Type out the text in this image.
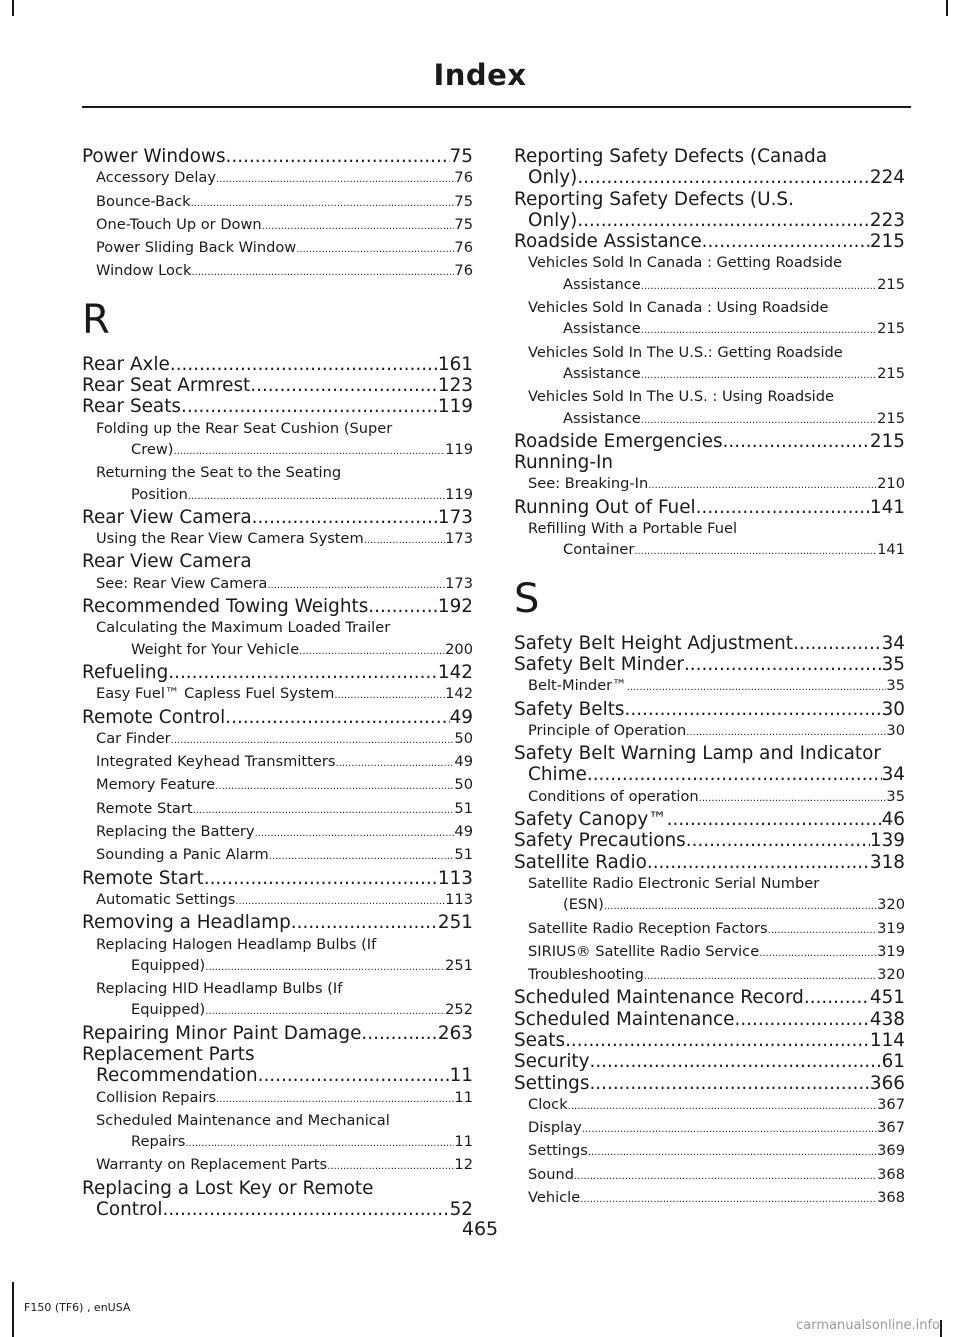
Index
Power Windows .....	75
Accessory Delay .....	76
Bounce-Back .....	75
One-Touch Up or Down .....	75
Power Sliding Back Window .....	76
Window Lock .....	76
R
Rear Axle .....	161
Rear Seat Armrest .....	123
Rear Seats .....	119
Folding up the Rear Seat Cushion (Super
Crew) .....	119
Returning the Seat to the Seating
Position .....	119
Rear View Camera .....	173
Using the Rear View Camera System .....	173
Rear View Camera
See: Rear View Camera .....	173
Recommended Towing Weights .....	192
Calculating the Maximum Loaded Trailer
Weight for Your Vehicle .....	200
Refueling .....	142
Easy Fuel™ Capless Fuel System .....	142
Remote Control .....	49
Car Finder .....	50
Integrated Keyhead Transmitters .....	49
Memory Feature .....	50
Remote Start .....	51
Replacing the Battery .....	49
Sounding a Panic Alarm .....	51
Remote Start .....	113
Automatic Settings .....	113
Removing a Headlamp .....	251
Replacing Halogen Headlamp Bulbs (If
Equipped) .....	251
Replacing HID Headlamp Bulbs (If
Equipped) .....	252
Repairing Minor Paint Damage .....	263
Replacement Parts
Recommendation .....	11
Collision Repairs .....	11
Scheduled Maintenance and Mechanical
Repairs .....	11
Warranty on Replacement Parts .....	12
Replacing a Lost Key or Remote
Control .....	52
Reporting Safety Defects (Canada
Only) .....	224
Reporting Safety Defects (U.S.
Only) .....	223
Roadside Assistance .....	215
Vehicles Sold In Canada : Getting Roadside
Assistance .....	215
Vehicles Sold In Canada : Using Roadside
Assistance .....	215
Vehicles Sold In The U.S.: Getting Roadside
Assistance .....	215
Vehicles Sold In The U.S. : Using Roadside
Assistance .....	215
Roadside Emergencies .....	215
Running-In
See: Breaking-In .....	210
Running Out of Fuel .....	141
Refilling With a Portable Fuel
Container .....	141
S
Safety Belt Height Adjustment .....	34
Safety Belt Minder .....	35
Belt-Minder™ .....	35
Safety Belts .....	30
Principle of Operation .....	30
Safety Belt Warning Lamp and Indicator
Chime .....	34
Conditions of operation .....	35
Safety Canopy™ .....	46
Safety Precautions .....	139
Satellite Radio .....	318
Satellite Radio Electronic Serial Number
(ESN) .....	320
Satellite Radio Reception Factors .....	319
SIRIUS® Satellite Radio Service .....	319
Troubleshooting .....	320
Scheduled Maintenance Record .....	451
Scheduled Maintenance .....	438
Seats .....	114
Security .....	61
Settings .....	366
Clock .....	367
Display .....	367
Settings .....	369
Sound .....	368
Vehicle .....	368
465
F150 (TF6) , enUSA
carmanualsonline.info
